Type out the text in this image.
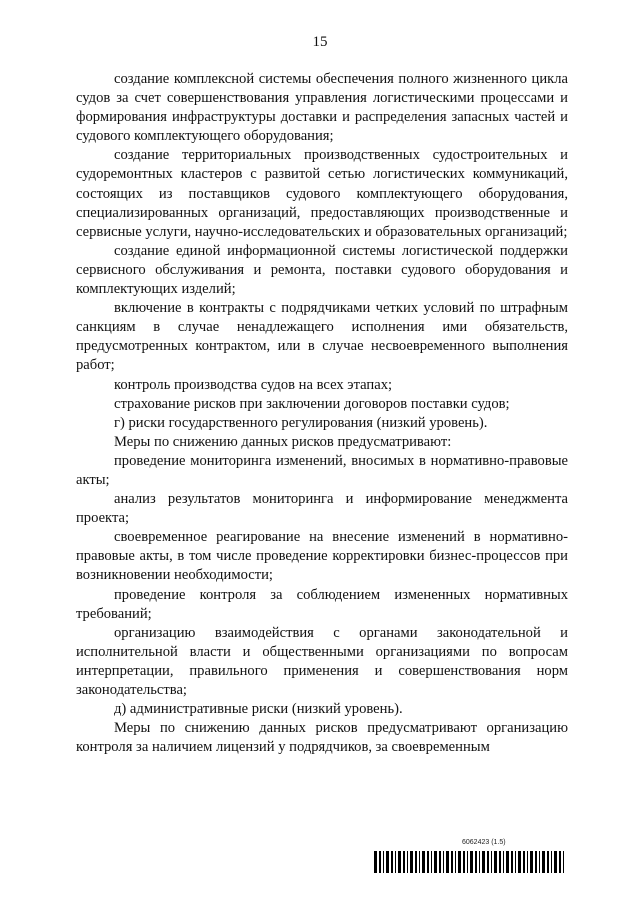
15

создание комплексной системы обеспечения полного жизненного цикла судов за счет совершенствования управления логистическими процессами и формирования инфраструктуры доставки и распределения запасных частей и судового комплектующего оборудования;

создание территориальных производственных судостроительных и судоремонтных кластеров с развитой сетью логистических коммуникаций, состоящих из поставщиков судового комплектующего оборудования, специализированных организаций, предоставляющих производственные и сервисные услуги, научно-исследовательских и образовательных организаций;

создание единой информационной системы логистической поддержки сервисного обслуживания и ремонта, поставки судового оборудования и комплектующих изделий;

включение в контракты с подрядчиками четких условий по штрафным санкциям в случае ненадлежащего исполнения ими обязательств, предусмотренных контрактом, или в случае несвоевременного выполнения работ;

контроль производства судов на всех этапах;

страхование рисков при заключении договоров поставки судов;

г) риски государственного регулирования (низкий уровень).

Меры по снижению данных рисков предусматривают:

проведение мониторинга изменений, вносимых в нормативно-правовые акты;

анализ результатов мониторинга и информирование менеджмента проекта;

своевременное реагирование на внесение изменений в нормативно-правовые акты, в том числе проведение корректировки бизнес-процессов при возникновении необходимости;

проведение контроля за соблюдением измененных нормативных требований;

организацию взаимодействия с органами законодательной и исполнительной власти и общественными организациями по вопросам интерпретации, правильного применения и совершенствования норм законодательства;

д) административные риски (низкий уровень).

Меры по снижению данных рисков предусматривают организацию контроля за наличием лицензий у подрядчиков, за своевременным

6062423 (1.5)
